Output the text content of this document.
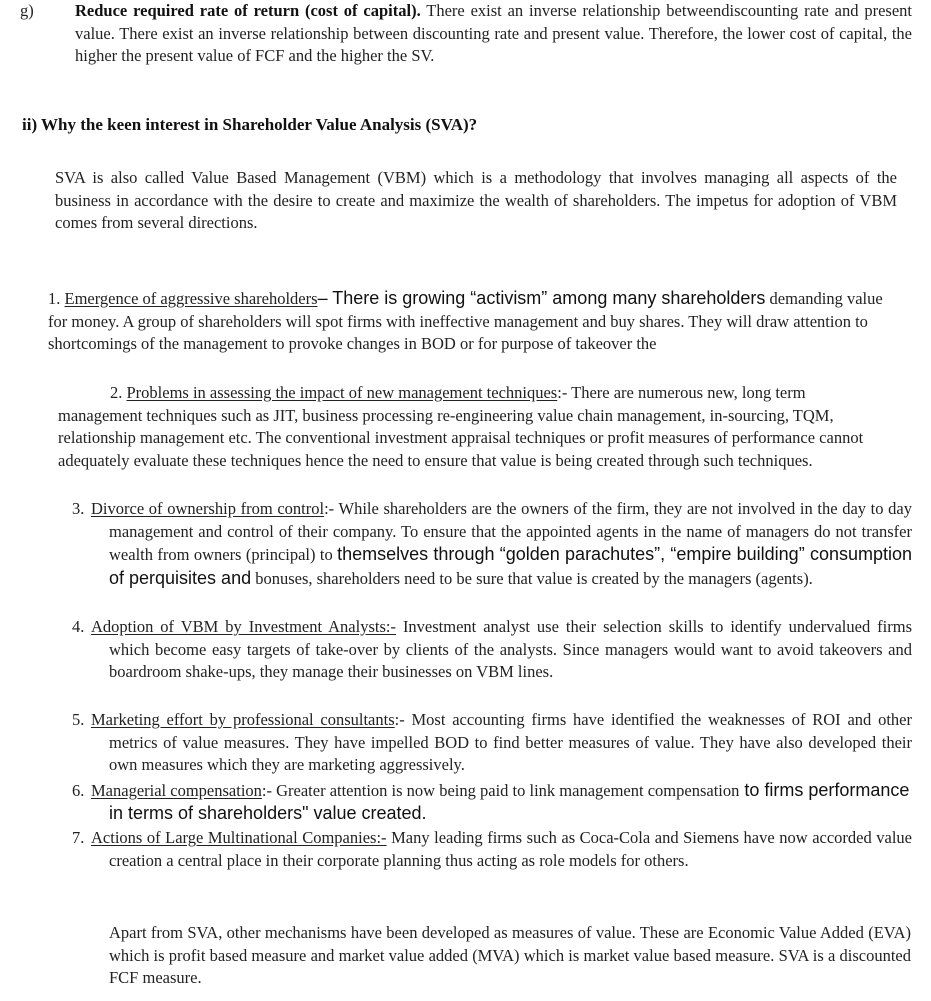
g)	Reduce required rate of return (cost of capital). There exist an inverse relationship betweendiscounting rate and present value. There exist an inverse relationship between discounting rate and present value. Therefore, the lower cost of capital, the higher the present value of FCF and the higher the SV.

ii) Why the keen interest in Shareholder Value Analysis (SVA)?

SVA is also called Value Based Management (VBM) which is a methodology that involves managing all aspects of the business in accordance with the desire to create and maximize the wealth of shareholders. The impetus for adoption of VBM comes from several directions.

1. Emergence of aggressive shareholders– There is growing “activism” among many shareholders demanding value for money. A group of shareholders will spot firms with ineffective management and buy shares. They will draw attention to shortcomings of the management to provoke changes in BOD or for purpose of takeover the

2. Problems in assessing the impact of new management techniques:- There are numerous new, long term management techniques such as JIT, business processing re-engineering value chain management, in-sourcing, TQM, relationship management etc. The conventional investment appraisal techniques or profit measures of performance cannot adequately evaluate these techniques hence the need to ensure that value is being created through such techniques.

3. Divorce of ownership from control:- While shareholders are the owners of the firm, they are not involved in the day to day management and control of their company. To ensure that the appointed agents in the name of managers do not transfer wealth from owners (principal) to themselves through “golden parachutes”, “empire building” consumption of perquisites and bonuses, shareholders need to be sure that value is created by the managers (agents).

4. Adoption of VBM by Investment Analysts:- Investment analyst use their selection skills to identify undervalued firms which become easy targets of take-over by clients of the analysts. Since managers would want to avoid takeovers and boardroom shake-ups, they manage their businesses on VBM lines.

5. Marketing effort by professional consultants:- Most accounting firms have identified the weaknesses of ROI and other metrics of value measures. They have impelled BOD to find better measures of value. They have also developed their own measures which they are marketing aggressively.

6. Managerial compensation:- Greater attention is now being paid to link management compensation to firms performance in terms of shareholders" value created.

7. Actions of Large Multinational Companies:- Many leading firms such as Coca-Cola and Siemens have now accorded value creation a central place in their corporate planning thus acting as role models for others.

Apart from SVA, other mechanisms have been developed as measures of value. These are Economic Value Added (EVA) which is profit based measure and market value added (MVA) which is market value based measure. SVA is a discounted FCF measure.
